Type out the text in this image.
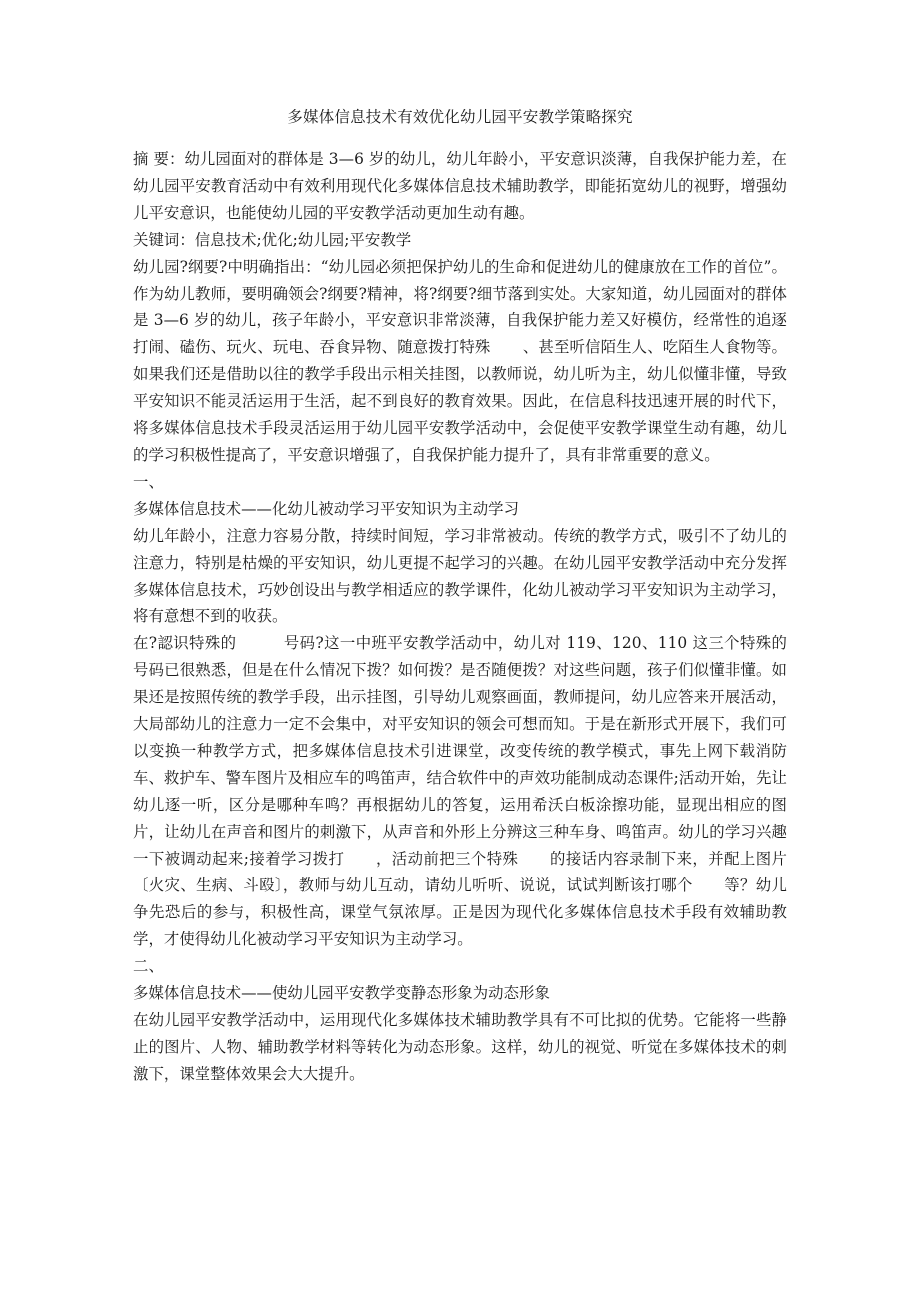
多媒体信息技术有效优化幼儿园平安教学策略探究

摘 要：幼儿园面对的群体是 3—6 岁的幼儿，幼儿年龄小，平安意识淡薄，自我保护能力差，在幼儿园平安教育活动中有效利用现代化多媒体信息技术辅助教学，即能拓宽幼儿的视野，增强幼儿平安意识，也能使幼儿园的平安教学活动更加生动有趣。

关键词：信息技术;优化;幼儿园;平安教学

幼儿园?纲要?中明确指出：“幼儿园必须把保护幼儿的生命和促进幼儿的健康放在工作的首位”。作为幼儿教师，要明确领会?纲要?精神，将?纲要?细节落到实处。大家知道，幼儿园面对的群体是 3—6 岁的幼儿，孩子年龄小，平安意识非常淡薄，自我保护能力差又好模仿，经常性的追逐打闹、磕伤、玩火、玩电、吞食异物、随意拨打特殊 、甚至听信陌生人、吃陌生人食物等。如果我们还是借助以往的教学手段出示相关挂图，以教师说，幼儿听为主，幼儿似懂非懂，导致平安知识不能灵活运用于生活，起不到良好的教育效果。因此，在信息科技迅速开展的时代下，将多媒体信息技术手段灵活运用于幼儿园平安教学活动中，会促使平安教学课堂生动有趣，幼儿的学习积极性提高了，平安意识增强了，自我保护能力提升了，具有非常重要的意义。

一、

多媒体信息技术——化幼儿被动学习平安知识为主动学习

幼儿年龄小，注意力容易分散，持续时间短，学习非常被动。传统的教学方式，吸引不了幼儿的注意力，特别是枯燥的平安知识，幼儿更提不起学习的兴趣。在幼儿园平安教学活动中充分发挥多媒体信息技术，巧妙创设出与教学相适应的教学课件，化幼儿被动学习平安知识为主动学习，将有意想不到的收获。

在?認识特殊的　　　号码?这一中班平安教学活动中，幼儿对 119、120、110 这三个特殊的号码已很熟悉，但是在什么情况下拨？如何拨？是否随便拨？对这些问题，孩子们似懂非懂。如果还是按照传统的教学手段，出示挂图，引导幼儿观察画面，教师提问，幼儿应答来开展活动，大局部幼儿的注意力一定不会集中，对平安知识的领会可想而知。于是在新形式开展下，我们可以变换一种教学方式，把多媒体信息技术引进课堂，改变传统的教学模式，事先上网下载消防车、救护车、警车图片及相应车的鸣笛声，结合软件中的声效功能制成动态课件;活动开始，先让幼儿逐一听，区分是哪种车鸣？再根据幼儿的答复，运用希沃白板涂擦功能，显现出相应的图片，让幼儿在声音和图片的刺激下，从声音和外形上分辨这三种车身、鸣笛声。幼儿的学习兴趣一下被调动起来;接着学习拨打　　，活动前把三个特殊　　的接话内容录制下来，并配上图片〔火灾、生病、斗殴〕，教师与幼儿互动，请幼儿听听、说说，试试判断该打哪个　　等？幼儿争先恐后的参与，积极性高，课堂气氛浓厚。正是因为现代化多媒体信息技术手段有效辅助教学，才使得幼儿化被动学习平安知识为主动学习。

二、

多媒体信息技术——使幼儿园平安教学变静态形象为动态形象

在幼儿园平安教学活动中，运用现代化多媒体技术辅助教学具有不可比拟的优势。它能将一些静止的图片、人物、辅助教学材料等转化为动态形象。这样，幼儿的视觉、听觉在多媒体技术的刺激下，课堂整体效果会大大提升。
